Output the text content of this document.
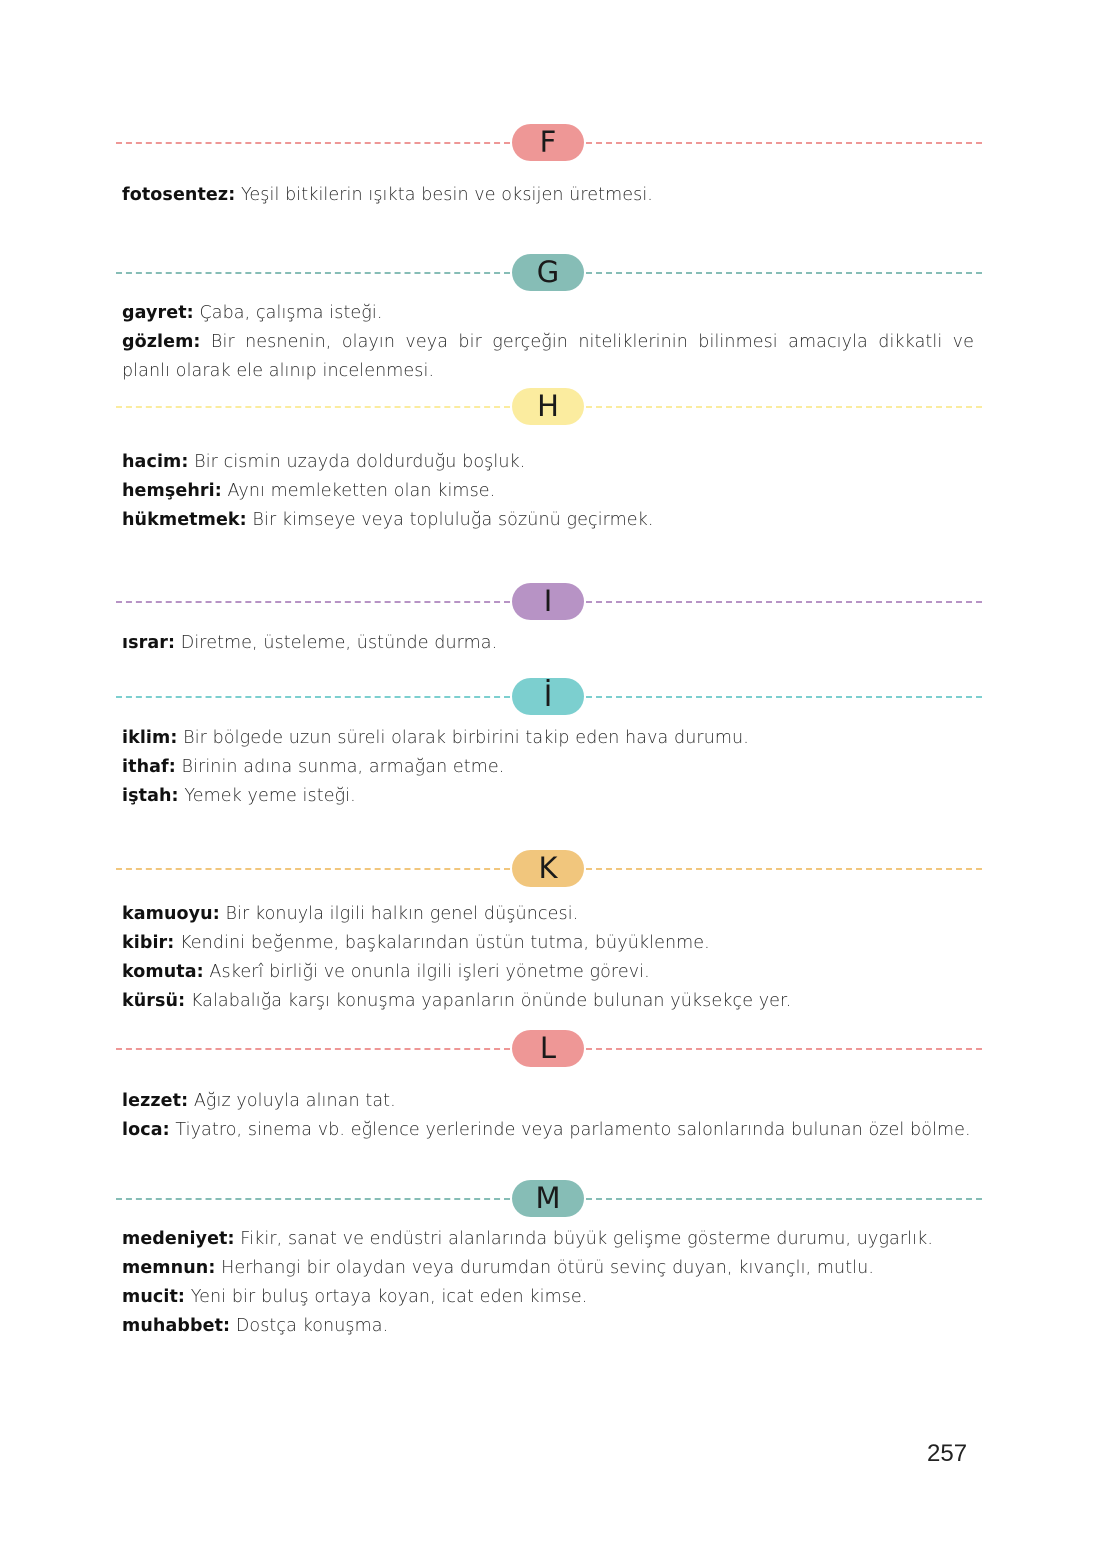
F
fotosentez: Yeşil bitkilerin ışıkta besin ve oksijen üretmesi.
G
gayret: Çaba, çalışma isteği.
gözlem: Bir nesnenin, olayın veya bir gerçeğin niteliklerinin bilinmesi amacıyla dikkatli ve planlı olarak ele alınıp incelenmesi.
H
hacim: Bir cismin uzayda doldurduğu boşluk.
hemşehri: Aynı memleketten olan kimse.
hükmetmek: Bir kimseye veya topluluğa sözünü geçirmek.
I
ısrar: Diretme, üsteleme, üstünde durma.
İ
iklim: Bir bölgede uzun süreli olarak birbirini takip eden hava durumu.
ithaf: Birinin adına sunma, armağan etme.
iştah: Yemek yeme isteği.
K
kamuoyu: Bir konuyla ilgili halkın genel düşüncesi.
kibir: Kendini beğenme, başkalarından üstün tutma, büyüklenme.
komuta: Askerî birliği ve onunla ilgili işleri yönetme görevi.
kürsü: Kalabalığa karşı konuşma yapanların önünde bulunan yüksekçe yer.
L
lezzet: Ağız yoluyla alınan tat.
loca: Tiyatro, sinema vb. eğlence yerlerinde veya parlamento salonlarında bulunan özel bölme.
M
medeniyet: Fikir, sanat ve endüstri alanlarında büyük gelişme gösterme durumu, uygarlık.
memnun: Herhangi bir olaydan veya durumdan ötürü sevinç duyan, kıvançlı, mutlu.
mucit: Yeni bir buluş ortaya koyan, icat eden kimse.
muhabbet: Dostça konuşma.
257
